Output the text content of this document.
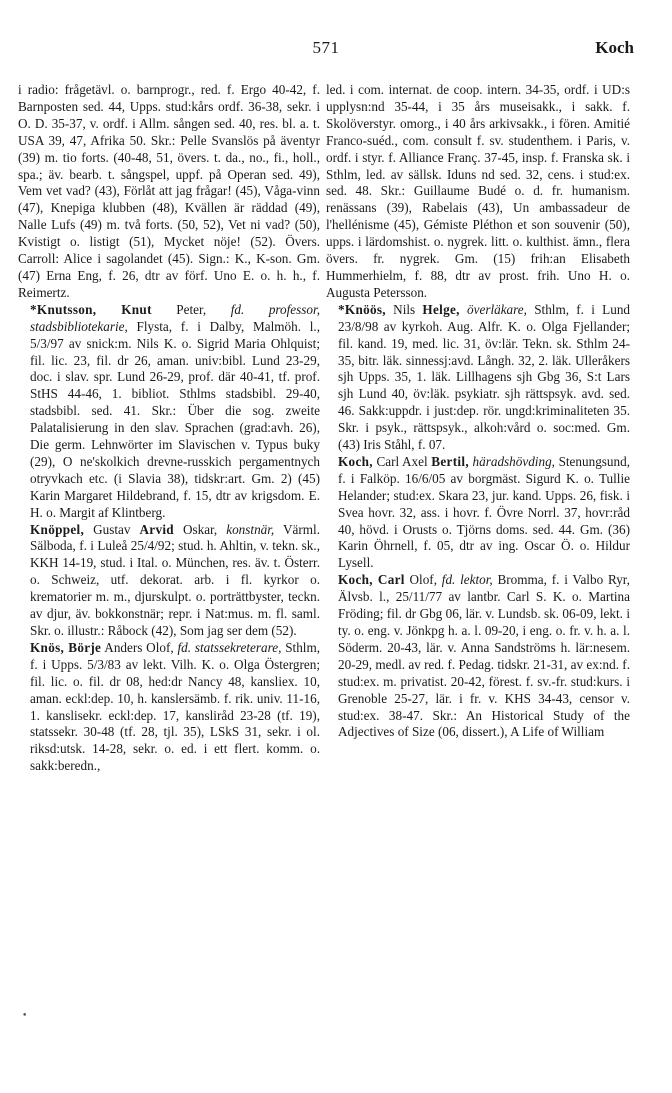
571	Koch

i radio: frågetävl. o. barnprogr., red. f. Ergo 40-42, f. Barnposten sed. 44, Upps. stud:kårs ordf. 36-38, sekr. i O. D. 35-37, v. ordf. i Allm. sången sed. 40, res. bl. a. t. USA 39, 47, Afrika 50. Skr.: Pelle Svanslös på äventyr (39) m. tio forts. (40-48, 51, övers. t. da., no., fi., holl., spa.; äv. bearb. t. sångspel, uppf. på Operan sed. 49), Vem vet vad? (43), Förlåt att jag frågar! (45), Våga-vinn (47), Knepiga klubben (48), Kvällen är räddad (49), Nalle Lufs (49) m. två forts. (50, 52), Vet ni vad? (50), Kvistigt o. listigt (51), Mycket nöje! (52). Övers. Carroll: Alice i sagolandet (45). Sign.: K., K-son. Gm. (47) Erna Eng, f. 26, dtr av förf. Uno E. o. h. h., f. Reimertz.

*Knutsson, Knut Peter, fd. professor, stadsbibliotekarie, Flysta, f. i Dalby, Malmöh. l., 5/3/97 av snick:m. Nils K. o. Sigrid Maria Ohlquist; fil. lic. 23, fil. dr 26, aman. univ:bibl. Lund 23-29, doc. i slav. spr. Lund 26-29, prof. där 40-41, tf. prof. StHS 44-46, 1. bibliot. Sthlms stadsbibl. 29-40, stadsbibl. sed. 41. Skr.: Über die sog. zweite Palatalisierung in den slav. Sprachen (grad:avh. 26), Die germ. Lehnwörter im Slavischen v. Typus buky (29), O ne'skolkich drevne-russkich pergamentnych otryvkach etc. (i Slavia 38), tidskr:art. Gm. 2) (45) Karin Margaret Hildebrand, f. 15, dtr av krigsdom. E. H. o. Margit af Klintberg.

Knöppel, Gustav Arvid Oskar, konstnär, Värml. Sälboda, f. i Luleå 25/4/92; stud. h. Ahltin, v. tekn. sk., KKH 14-19, stud. i Ital. o. München, res. äv. t. Österr. o. Schweiz, utf. dekorat. arb. i fl. kyrkor o. krematorier m. m., djurskulpt. o. porträttbyster, teckn. av djur, äv. bokkonstnär; repr. i Nat:mus. m. fl. saml. Skr. o. illustr.: Råbock (42), Som jag ser dem (52).

Knös, Börje Anders Olof, fd. statssekreterare, Sthlm, f. i Upps. 5/3/83 av lekt. Vilh. K. o. Olga Östergren; fil. lic. o. fil. dr 08, hed:dr Nancy 48, kansliex. 10, aman. eckl:dep. 10, h. kanslersämb. f. rik. univ. 11-16, 1. kanslisekr. eckl:dep. 17, kansliråd 23-28 (tf. 19), statssekr. 30-48 (tf. 28, tjl. 35), LSkS 31, sekr. i ol. riksd:utsk. 14-28, sekr. o. ed. i ett flert. komm. o. sakk:beredn.,

led. i com. internat. de coop. intern. 34-35, ordf. i UD:s upplysn:nd 35-44, i 35 års museisakk., i sakk. f. Skolöverstyr. omorg., i 40 års arkivsakk., i fören. Amitié Franco-suéd., com. consult f. sv. studenthem. i Paris, v. ordf. i styr. f. Alliance Franç. 37-45, insp. f. Franska sk. i Sthlm, led. av sällsk. Iduns nd sed. 32, cens. i stud:ex. sed. 48. Skr.: Guillaume Budé o. d. fr. humanism. renässans (39), Rabelais (43), Un ambassadeur de l'hellénisme (45), Gémiste Pléthon et son souvenir (50), upps. i lärdomshist. o. nygrek. litt. o. kulthist. ämn., flera övers. fr. nygrek. Gm. (15) frih:an Elisabeth Hummerhielm, f. 88, dtr av prost. frih. Uno H. o. Augusta Petersson.

*Knöös, Nils Helge, överläkare, Sthlm, f. i Lund 23/8/98 av kyrkoh. Aug. Alfr. K. o. Olga Fjellander; fil. kand. 19, med. lic. 31, öv:lär. Tekn. sk. Sthlm 24-35, bitr. läk. sinnessj:avd. Långh. 32, 2. läk. Ulleråkers sjh Upps. 35, 1. läk. Lillhagens sjh Gbg 36, S:t Lars sjh Lund 40, öv:läk. psykiatr. sjh rättspsyk. avd. sed. 46. Sakk:uppdr. i just:dep. rör. ungd:kriminaliteten 35. Skr. i psyk., rättspsyk., alkoh:vård o. soc:med. Gm. (43) Iris Ståhl, f. 07.

Koch, Carl Axel Bertil, häradshövding, Stenungsund, f. i Falköp. 16/6/05 av borgmäst. Sigurd K. o. Tullie Helander; stud:ex. Skara 23, jur. kand. Upps. 26, fisk. i Svea hovr. 32, ass. i hovr. f. Övre Norrl. 37, hovr:råd 40, hövd. i Orusts o. Tjörns doms. sed. 44. Gm. (36) Karin Öhrnell, f. 05, dtr av ing. Oscar Ö. o. Hildur Lysell.

Koch, Carl Olof, fd. lektor, Bromma, f. i Valbo Ryr, Älvsb. l., 25/11/77 av lantbr. Carl S. K. o. Martina Fröding; fil. dr Gbg 06, lär. v. Lundsb. sk. 06-09, lekt. i ty. o. eng. v. Jönkpg h. a. l. 09-20, i eng. o. fr. v. h. a. l. Söderm. 20-43, lär. v. Anna Sandströms h. lär:nesem. 20-29, medl. av red. f. Pedag. tidskr. 21-31, av ex:nd. f. stud:ex. m. privatist. 20-42, förest. f. sv.-fr. stud:kurs. i Grenoble 25-27, lär. i fr. v. KHS 34-43, censor v. stud:ex. 38-47. Skr.: An Historical Study of the Adjectives of Size (06, dissert.), A Life of William

•
